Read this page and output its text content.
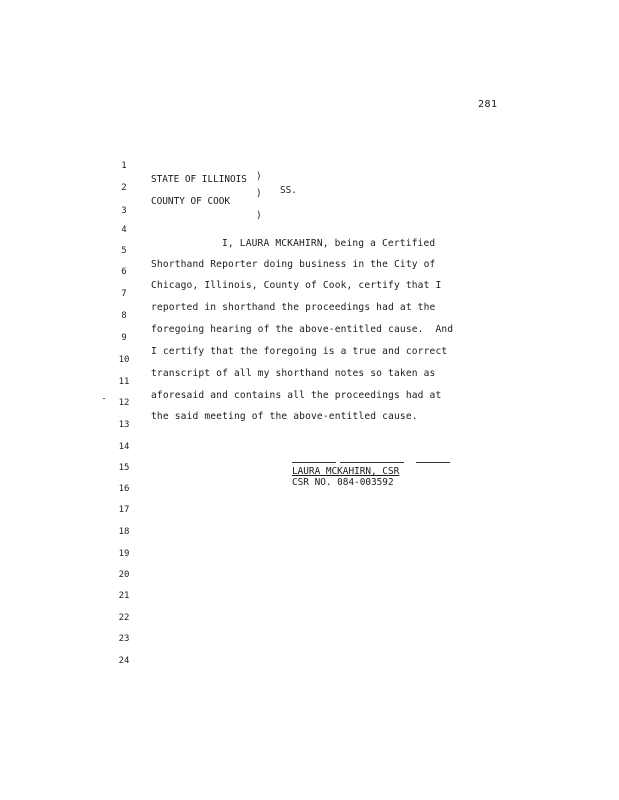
281

1

STATE OF ILLINOIS

)

)

SS.

2

COUNTY OF COOK

)

3

4

I, LAURA MCKAHIRN, being a Certified

5

Shorthand Reporter doing business in the City of

6

Chicago, Illinois, County of Cook, certify that I

7

reported in shorthand the proceedings had at the

8

foregoing hearing of the above-entitled cause.  And

9

I certify that the foregoing is a true and correct

10

transcript of all my shorthand notes so taken as

11

aforesaid and contains all the proceedings had at

12

the said meeting of the above-entitled cause.

13

14

15

16

17

18

19

20

21

22

23

24

LAURA MCKAHIRN, CSR
CSR NO. 084-003592
